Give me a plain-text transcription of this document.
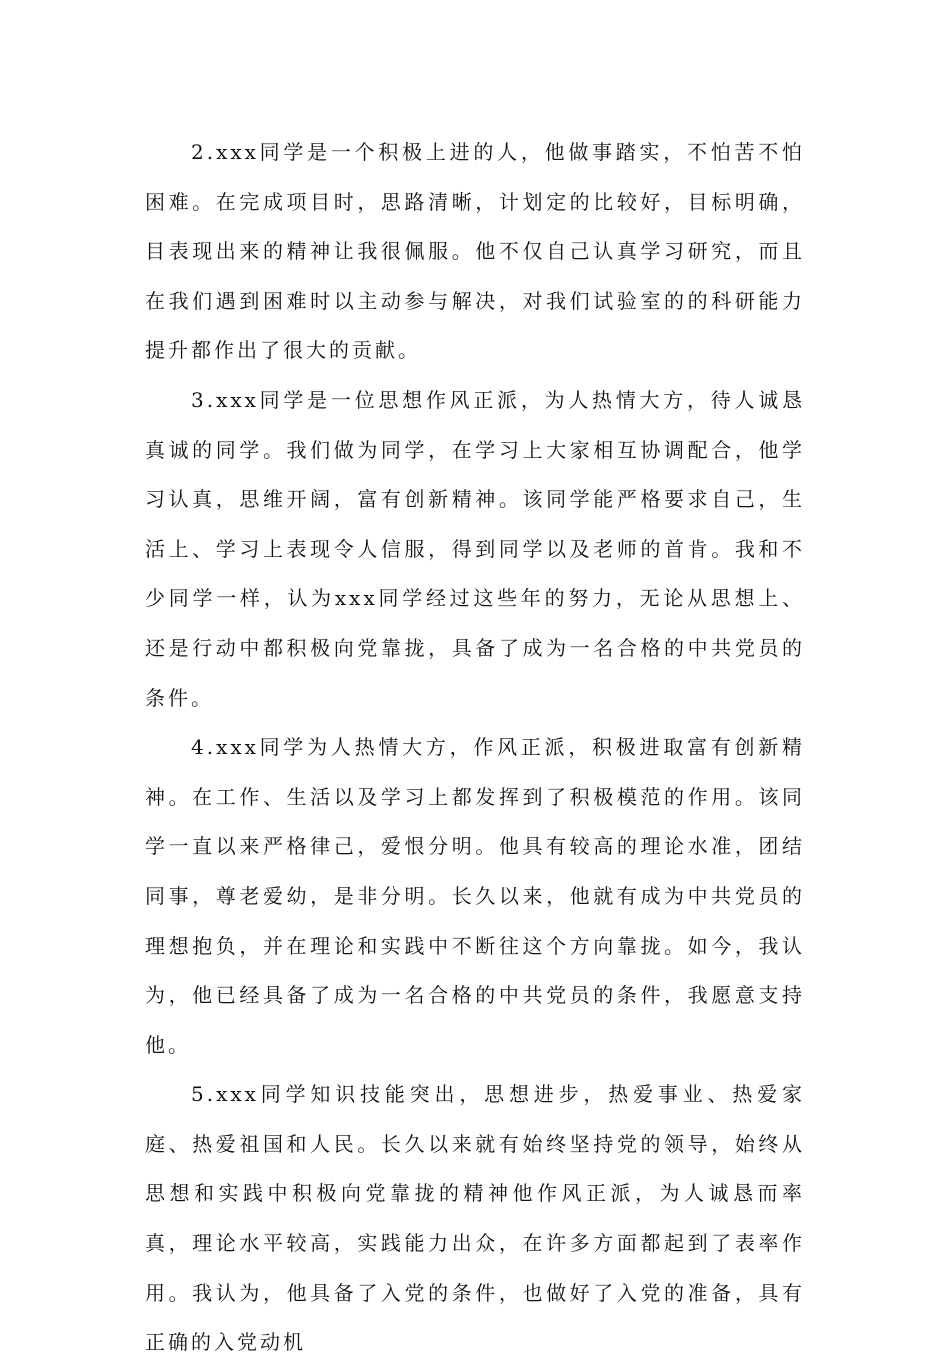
2.xxx同学是一个积极上进的人，他做事踏实，不怕苦不怕困难。在完成项目时，思路清晰，计划定的比较好，目标明确，目表现出来的精神让我很佩服。他不仅自己认真学习研究，而且在我们遇到困难时以主动参与解决，对我们试验室的的科研能力提升都作出了很大的贡献。

3.xxx同学是一位思想作风正派，为人热情大方，待人诚恳真诚的同学。我们做为同学，在学习上大家相互协调配合，他学习认真，思维开阔，富有创新精神。该同学能严格要求自己，生活上、学习上表现令人信服，得到同学以及老师的首肯。我和不少同学一样，认为xxx同学经过这些年的努力，无论从思想上、还是行动中都积极向党靠拢，具备了成为一名合格的中共党员的条件。

4.xxx同学为人热情大方，作风正派，积极进取富有创新精神。在工作、生活以及学习上都发挥到了积极模范的作用。该同学一直以来严格律己，爱恨分明。他具有较高的理论水准，团结同事，尊老爱幼，是非分明。长久以来，他就有成为中共党员的理想抱负，并在理论和实践中不断往这个方向靠拢。如今，我认为，他已经具备了成为一名合格的中共党员的条件，我愿意支持他。

5.xxx同学知识技能突出，思想进步，热爱事业、热爱家庭、热爱祖国和人民。长久以来就有始终坚持党的领导，始终从思想和实践中积极向党靠拢的精神他作风正派，为人诚恳而率真，理论水平较高，实践能力出众，在许多方面都起到了表率作用。我认为，他具备了入党的条件，也做好了入党的准备，具有正确的入党动机
